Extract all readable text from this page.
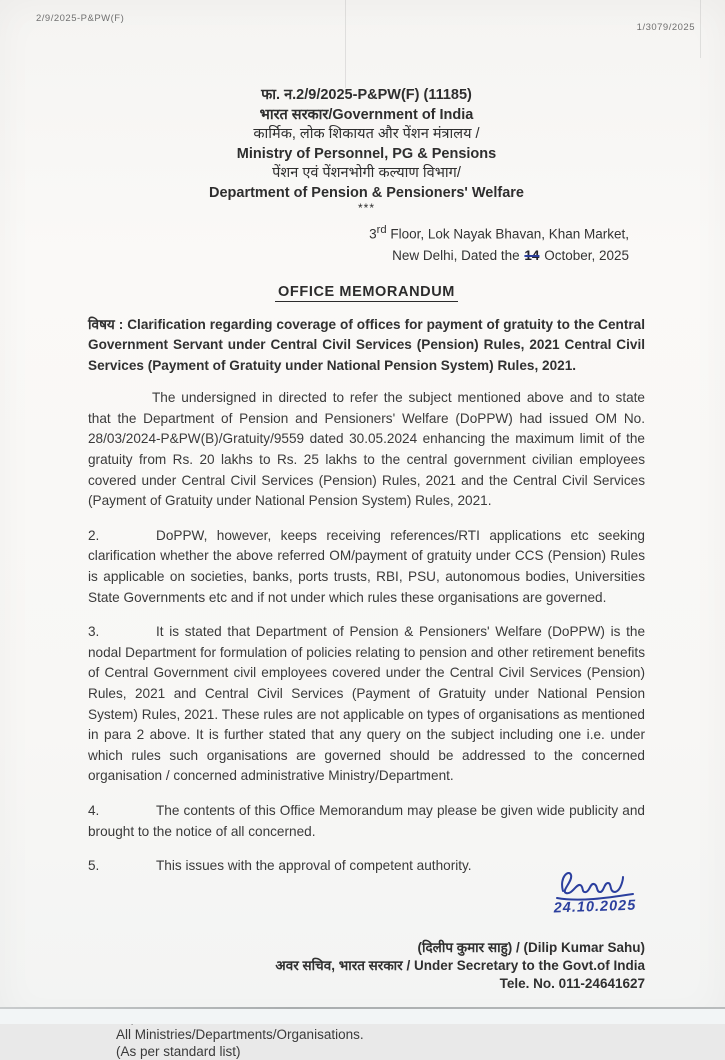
2/9/2025-P&PW(F)
1/3079/2025
फा. न.2/9/2025-P&PW(F) (11185)
भारत सरकार/Government of India
कार्मिक, लोक शिकायत और पेंशन मंत्रालय /
Ministry of Personnel, PG & Pensions
पेंशन एवं पेंशनभोगी कल्याण विभाग/
Department of Pension & Pensioners' Welfare
***
3rd Floor, Lok Nayak Bhavan, Khan Market,
New Delhi, Dated the 14 October, 2025
OFFICE MEMORANDUM

विषय : Clarification regarding coverage of offices for payment of gratuity to the Central Government Servant under Central Civil Services (Pension) Rules, 2021 Central Civil Services (Payment of Gratuity under National Pension System) Rules, 2021.

The undersigned in directed to refer the subject mentioned above and to state that the Department of Pension and Pensioners' Welfare (DoPPW) had issued OM No. 28/03/2024-P&PW(B)/Gratuity/9559 dated 30.05.2024 enhancing the maximum limit of the gratuity from Rs. 20 lakhs to Rs. 25 lakhs to the central government civilian employees covered under Central Civil Services (Pension) Rules, 2021 and the Central Civil Services (Payment of Gratuity under National Pension System) Rules, 2021.

2.	DoPPW, however, keeps receiving references/RTI applications etc seeking clarification whether the above referred OM/payment of gratuity under CCS (Pension) Rules is applicable on societies, banks, ports trusts, RBI, PSU, autonomous bodies, Universities State Governments etc and if not under which rules these organisations are governed.

3.	It is stated that Department of Pension & Pensioners' Welfare (DoPPW) is the nodal Department for formulation of policies relating to pension and other retirement benefits of Central Government civil employees covered under the Central Civil Services (Pension) Rules, 2021 and Central Civil Services (Payment of Gratuity under National Pension System) Rules, 2021. These rules are not applicable on types of organisations as mentioned in para 2 above. It is further stated that any query on the subject including one i.e. under which rules such organisations are governed should be addressed to the concerned organisation / concerned administrative Ministry/Department.

4.	The contents of this Office Memorandum may please be given wide publicity and brought to the notice of all concerned.

5.	This issues with the approval of competent authority.

24.10.2025
(दिलीप कुमार साहु) / (Dilip Kumar Sahu)
अवर सचिव, भारत सरकार / Under Secretary to the Govt.of India
Tele. No. 011-24641627
All Ministries/Departments/Organisations.
(As per standard list)
